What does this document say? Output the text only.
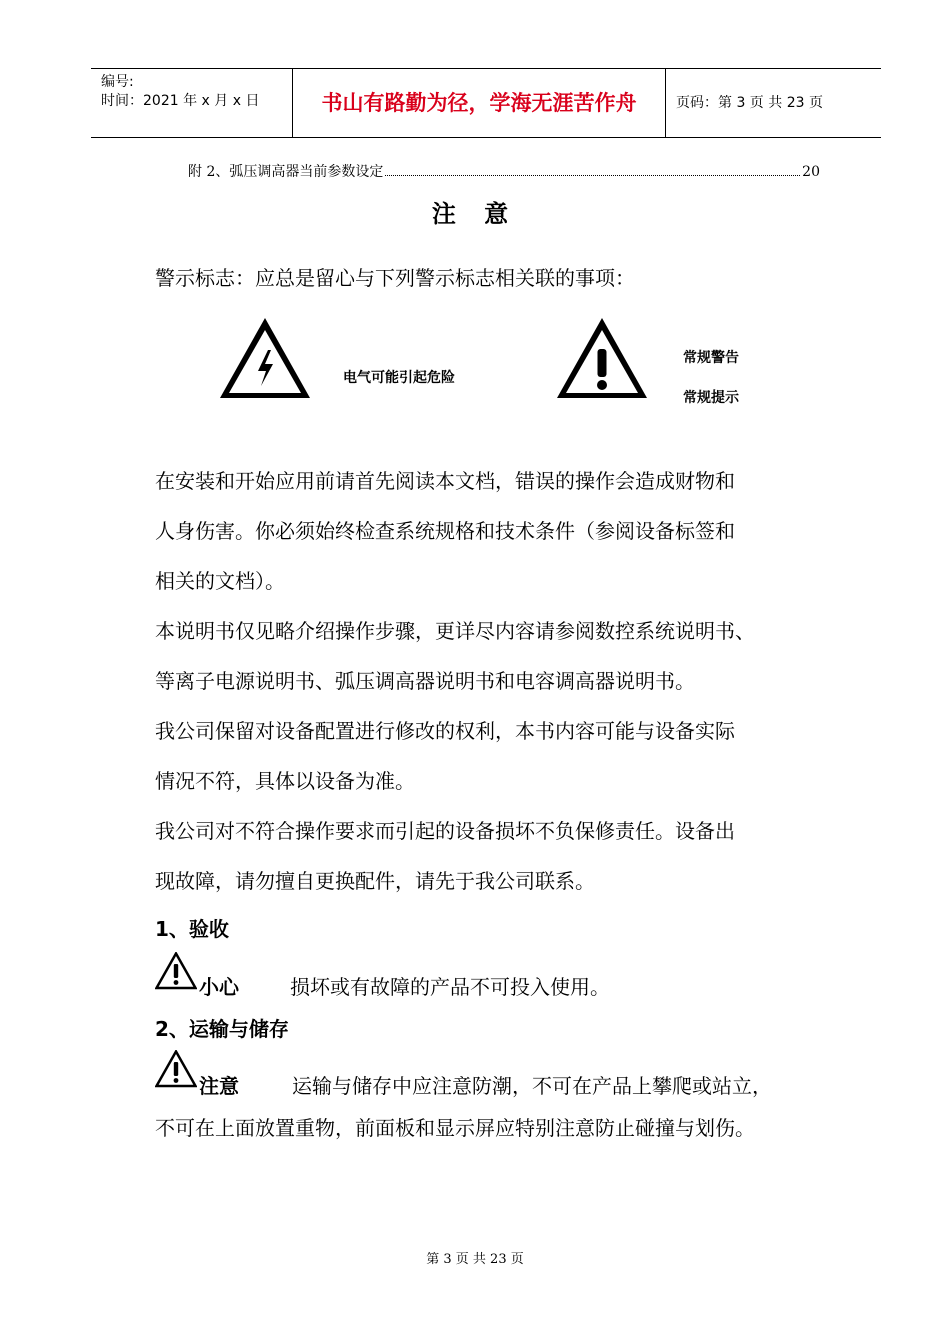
编号:
时间：2021 年 x 月 x 日	书山有路勤为径，学海无涯苦作舟	页码：第 3 页 共 23 页
附 2、弧压调高器当前参数设定	20
注 意
警示标志：应总是留心与下列警示标志相关联的事项：
电气可能引起危险
常规警告
常规提示
在安装和开始应用前请首先阅读本文档，错误的操作会造成财物和
人身伤害。你必须始终检查系统规格和技术条件（参阅设备标签和
相关的文档）。
本说明书仅见略介绍操作步骤，更详尽内容请参阅数控系统说明书、
等离子电源说明书、弧压调高器说明书和电容调高器说明书。
我公司保留对设备配置进行修改的权利，本书内容可能与设备实际
情况不符，具体以设备为准。
我公司对不符合操作要求而引起的设备损坏不负保修责任。设备出
现故障，请勿擅自更换配件，请先于我公司联系。
1、验收
小心	损坏或有故障的产品不可投入使用。
2、运输与储存
注意	运输与储存中应注意防潮，不可在产品上攀爬或站立，
不可在上面放置重物，前面板和显示屏应特别注意防止碰撞与划伤。
第 3 页 共 23 页
